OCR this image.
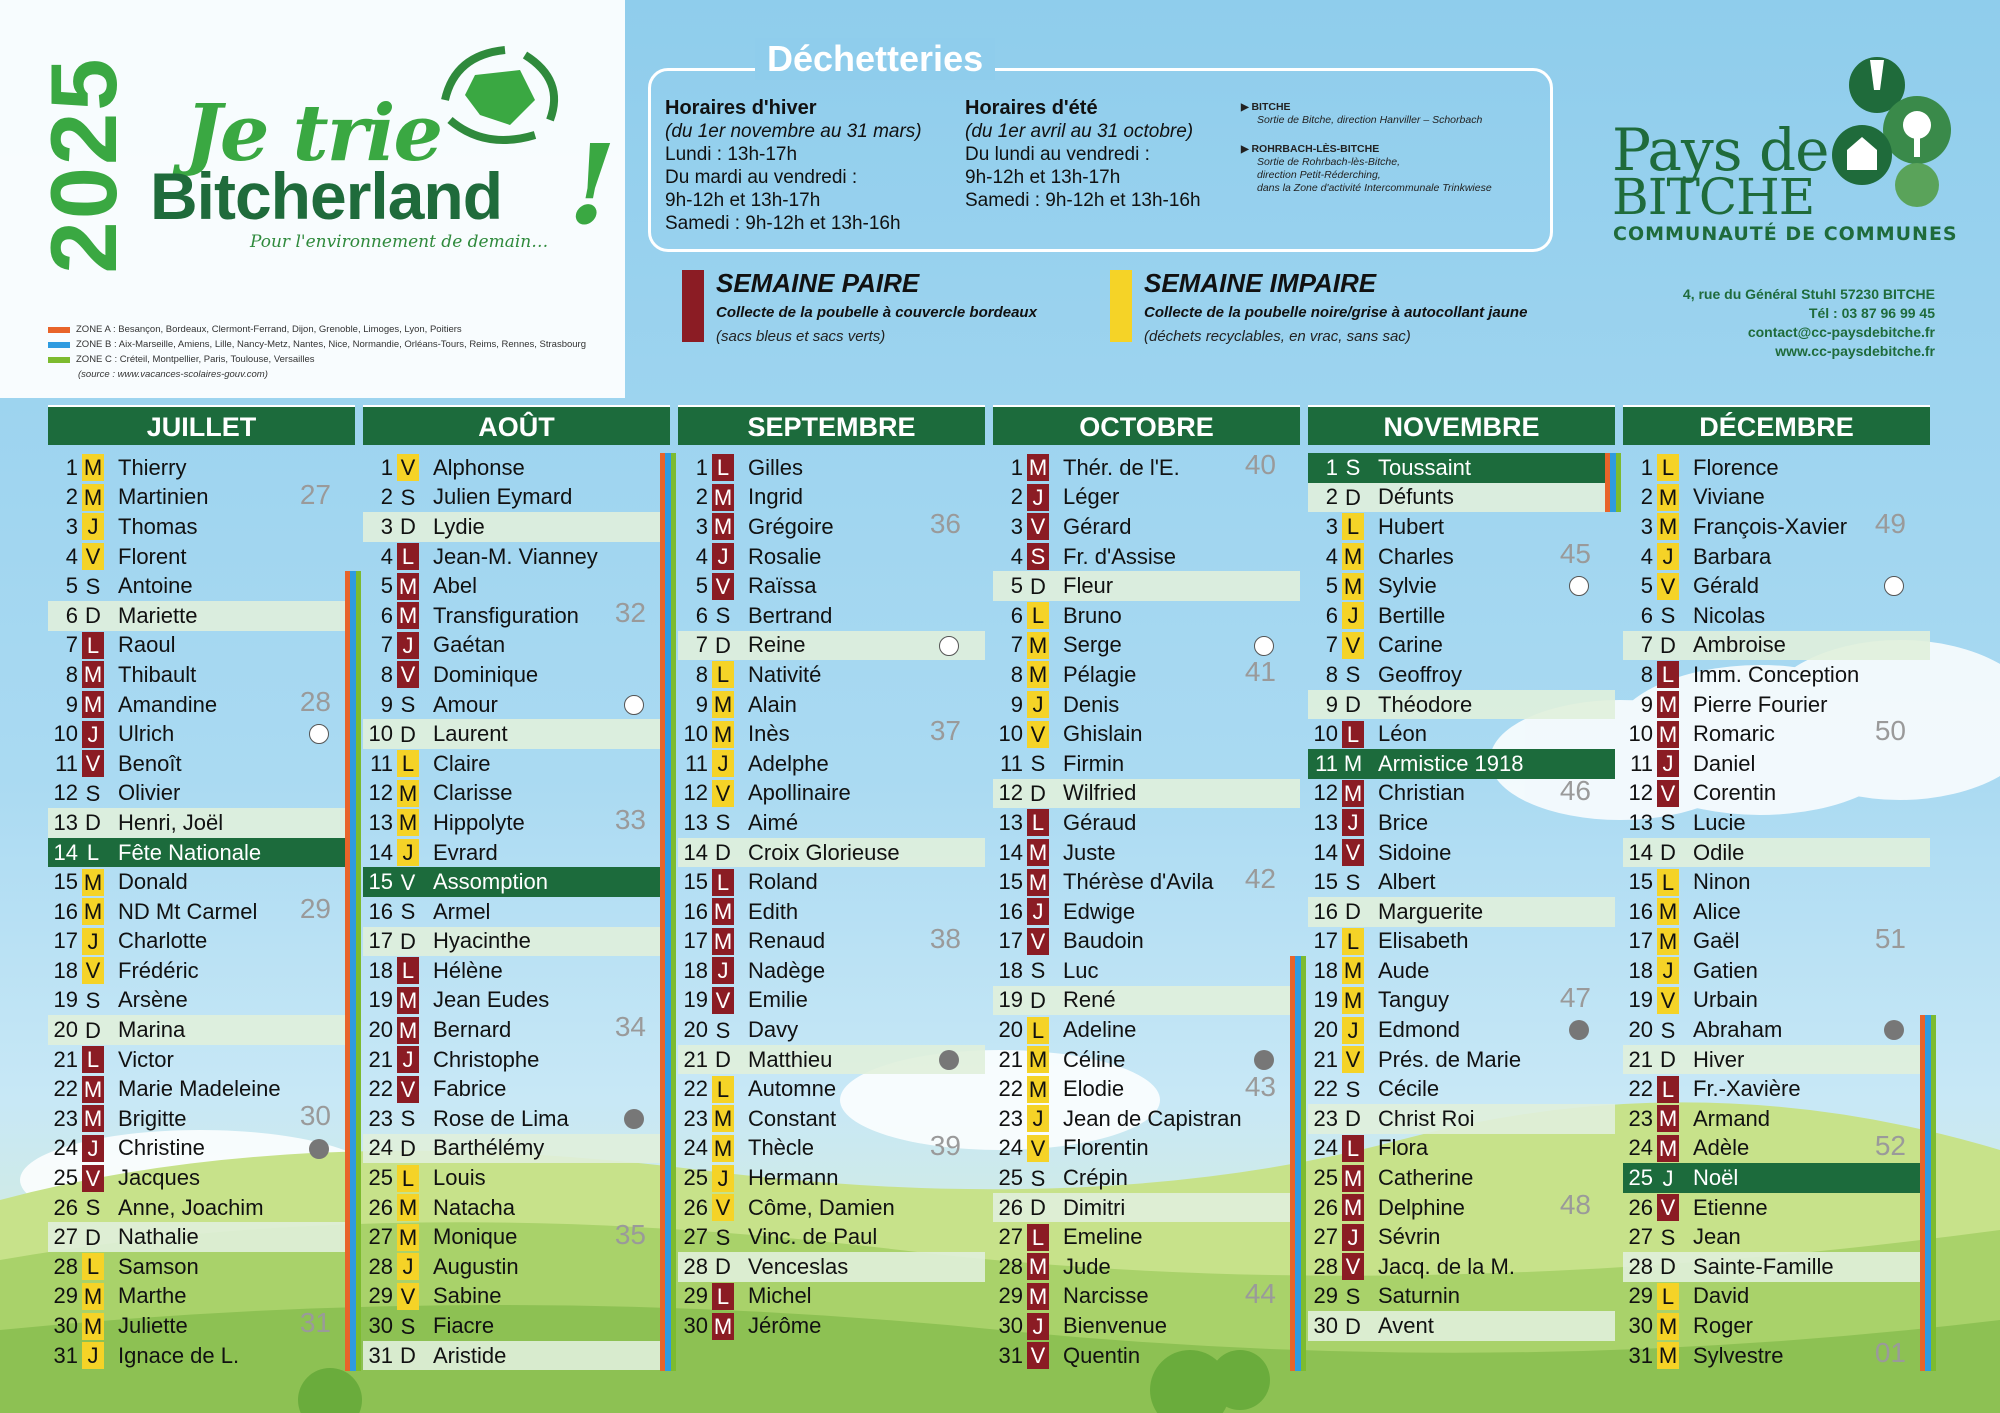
2025 Je trie
Bitcherland !
Pour l'environnement de demain…
ZONE A : Besançon, Bordeaux, Clermont-Ferrand, Dijon, Grenoble, Limoges, Lyon, Poitiers
ZONE B : Aix-Marseille, Amiens, Lille, Nancy-Metz, Nantes, Nice, Normandie, Orléans-Tours, Reims, Rennes, Strasbourg
ZONE C : Créteil, Montpellier, Paris, Toulouse, Versailles
(source : www.vacances-scolaires-gouv.com)
Horaires d'hiver
(du 1er novembre au 31 mars)
Lundi : 13h-17h
Du mardi au vendredi :
9h-12h et 13h-17h
Samedi : 9h-12h et 13h-16h
Horaires d'été
(du 1er avril au 31 octobre)
Du lundi au vendredi :
9h-12h et 13h-17h
Samedi : 9h-12h et 13h-16h
▶ BITCHE
Sortie de Bitche, direction Hanviller – Schorbach
▶ ROHRBACH-LÈS-BITCHE
Sortie de Rohrbach-lès-Bitche,
direction Petit-Réderching,
dans la Zone d'activité Intercommunale Trinkwiese
Déchetteries
SEMAINE PAIRE
Collecte de la poubelle à couvercle bordeaux
(sacs bleus et sacs verts)
SEMAINE IMPAIRE
Collecte de la poubelle noire/grise à autocollant jaune
(déchets recyclables, en vrac, sans sac)
Pays de
BITCHE
COMMUNAUTÉ DE COMMUNES
4, rue du Général Stuhl 57230 BITCHE
Tél : 03 87 96 99 45
contact@cc-paysdebitche.fr
www.cc-paysdebitche.fr
JUILLET
1 M Thierry
2 M Martinien
3 J Thomas
4 V Florent
5 S Antoine
6 D Mariette
7 L Raoul
8 M Thibault
9 M Amandine
10 J Ulrich
11 V Benoît
12 S Olivier
13 D Henri, Joël
14 L Fête Nationale
15 M Donald
16 M ND Mt Carmel
17 J Charlotte
18 V Frédéric
19 S Arsène
20 D Marina
21 L Victor
22 M Marie Madeleine
23 M Brigitte
24 J Christine
25 V Jacques
26 S Anne, Joachim
27 D Nathalie
28 L Samson
29 M Marthe
30 M Juliette
31 J Ignace de L.
27
28
29
30
31
AOÛT
1 V Alphonse
2 S Julien Eymard
3 D Lydie
4 L Jean-M. Vianney
5 M Abel
6 M Transfiguration
7 J Gaétan
8 V Dominique
9 S Amour
10 D Laurent
11 L Claire
12 M Clarisse
13 M Hippolyte
14 J Evrard
15 V Assomption
16 S Armel
17 D Hyacinthe
18 L Hélène
19 M Jean Eudes
20 M Bernard
21 J Christophe
22 V Fabrice
23 S Rose de Lima
24 D Barthélémy
25 L Louis
26 M Natacha
27 M Monique
28 J Augustin
29 V Sabine
30 S Fiacre
31 D Aristide
32
33
34
35
SEPTEMBRE
1 L Gilles
2 M Ingrid
3 M Grégoire
4 J Rosalie
5 V Raïssa
6 S Bertrand
7 D Reine
8 L Nativité
9 M Alain
10 M Inès
11 J Adelphe
12 V Apollinaire
13 S Aimé
14 D Croix Glorieuse
15 L Roland
16 M Edith
17 M Renaud
18 J Nadège
19 V Emilie
20 S Davy
21 D Matthieu
22 L Automne
23 M Constant
24 M Thècle
25 J Hermann
26 V Côme, Damien
27 S Vinc. de Paul
28 D Venceslas
29 L Michel
30 M Jérôme
36
37
38
39
OCTOBRE
1 M Thér. de l'E.
2 J Léger
3 V Gérard
4 S Fr. d'Assise
5 D Fleur
6 L Bruno
7 M Serge
8 M Pélagie
9 J Denis
10 V Ghislain
11 S Firmin
12 D Wilfried
13 L Géraud
14 M Juste
15 M Thérèse d'Avila
16 J Edwige
17 V Baudoin
18 S Luc
19 D René
20 L Adeline
21 M Céline
22 M Elodie
23 J Jean de Capistran
24 V Florentin
25 S Crépin
26 D Dimitri
27 L Emeline
28 M Jude
29 M Narcisse
30 J Bienvenue
31 V Quentin
40
41
42
43
44
NOVEMBRE
1 S Toussaint
2 D Défunts
3 L Hubert
4 M Charles
5 M Sylvie
6 J Bertille
7 V Carine
8 S Geoffroy
9 D Théodore
10 L Léon
11 M Armistice 1918
12 M Christian
13 J Brice
14 V Sidoine
15 S Albert
16 D Marguerite
17 L Elisabeth
18 M Aude
19 M Tanguy
20 J Edmond
21 V Prés. de Marie
22 S Cécile
23 D Christ Roi
24 L Flora
25 M Catherine
26 M Delphine
27 J Sévrin
28 V Jacq. de la M.
29 S Saturnin
30 D Avent
45
46
47
48
DÉCEMBRE
1 L Florence
2 M Viviane
3 M François-Xavier
4 J Barbara
5 V Gérald
6 S Nicolas
7 D Ambroise
8 L Imm. Conception
9 M Pierre Fourier
10 M Romaric
11 J Daniel
12 V Corentin
13 S Lucie
14 D Odile
15 L Ninon
16 M Alice
17 M Gaël
18 J Gatien
19 V Urbain
20 S Abraham
21 D Hiver
22 L Fr.-Xavière
23 M Armand
24 M Adèle
25 J Noël
26 V Etienne
27 S Jean
28 D Sainte-Famille
29 L David
30 M Roger
31 M Sylvestre
49
50
51
52
01
